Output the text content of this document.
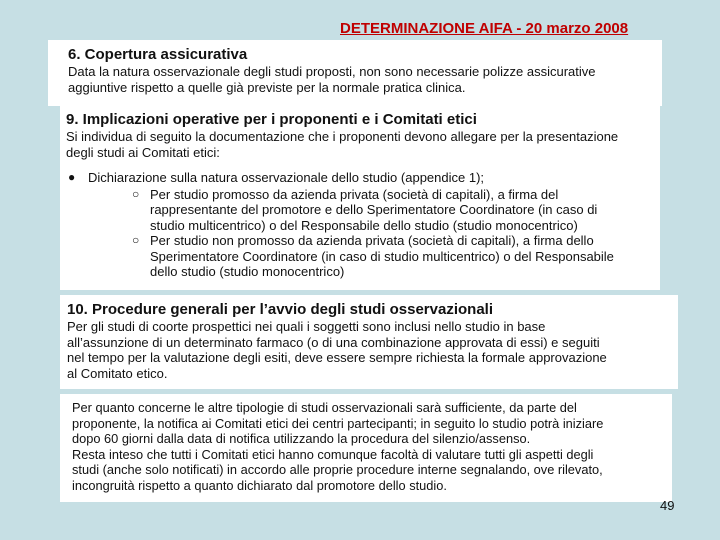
DETERMINAZIONE AIFA - 20 marzo 2008
6. Copertura assicurativa
Data la natura osservazionale degli studi proposti, non sono necessarie polizze assicurative
aggiuntive rispetto a quelle già previste per la normale pratica clinica.
9. Implicazioni operative per i proponenti e i Comitati etici
Si individua di seguito la documentazione che i proponenti devono allegare per la presentazione
degli studi ai Comitati etici:
● Dichiarazione sulla natura osservazionale dello studio (appendice 1);
○ Per studio promosso da azienda privata (società di capitali), a firma del
rappresentante del promotore e dello Sperimentatore Coordinatore (in caso di
studio multicentrico) o del Responsabile dello studio (studio monocentrico)
○ Per studio non promosso da azienda privata (società di capitali), a firma dello
Sperimentatore Coordinatore (in caso di studio multicentrico) o del Responsabile
dello studio (studio monocentrico)
10. Procedure generali per l’avvio degli studi osservazionali
Per gli studi di coorte prospettici nei quali i soggetti sono inclusi nello studio in base
all’assunzione di un determinato farmaco (o di una combinazione approvata di essi) e seguiti
nel tempo per la valutazione degli esiti, deve essere sempre richiesta la formale approvazione
al Comitato etico.
Per quanto concerne le altre tipologie di studi osservazionali sarà sufficiente, da parte del
proponente, la notifica ai Comitati etici dei centri partecipanti; in seguito lo studio potrà iniziare
dopo 60 giorni dalla data di notifica utilizzando la procedura del silenzio/assenso.
Resta inteso che tutti i Comitati etici hanno comunque facoltà di valutare tutti gli aspetti degli
studi (anche solo notificati) in accordo alle proprie procedure interne segnalando, ove rilevato,
incongruità rispetto a quanto dichiarato dal promotore dello studio.
49
